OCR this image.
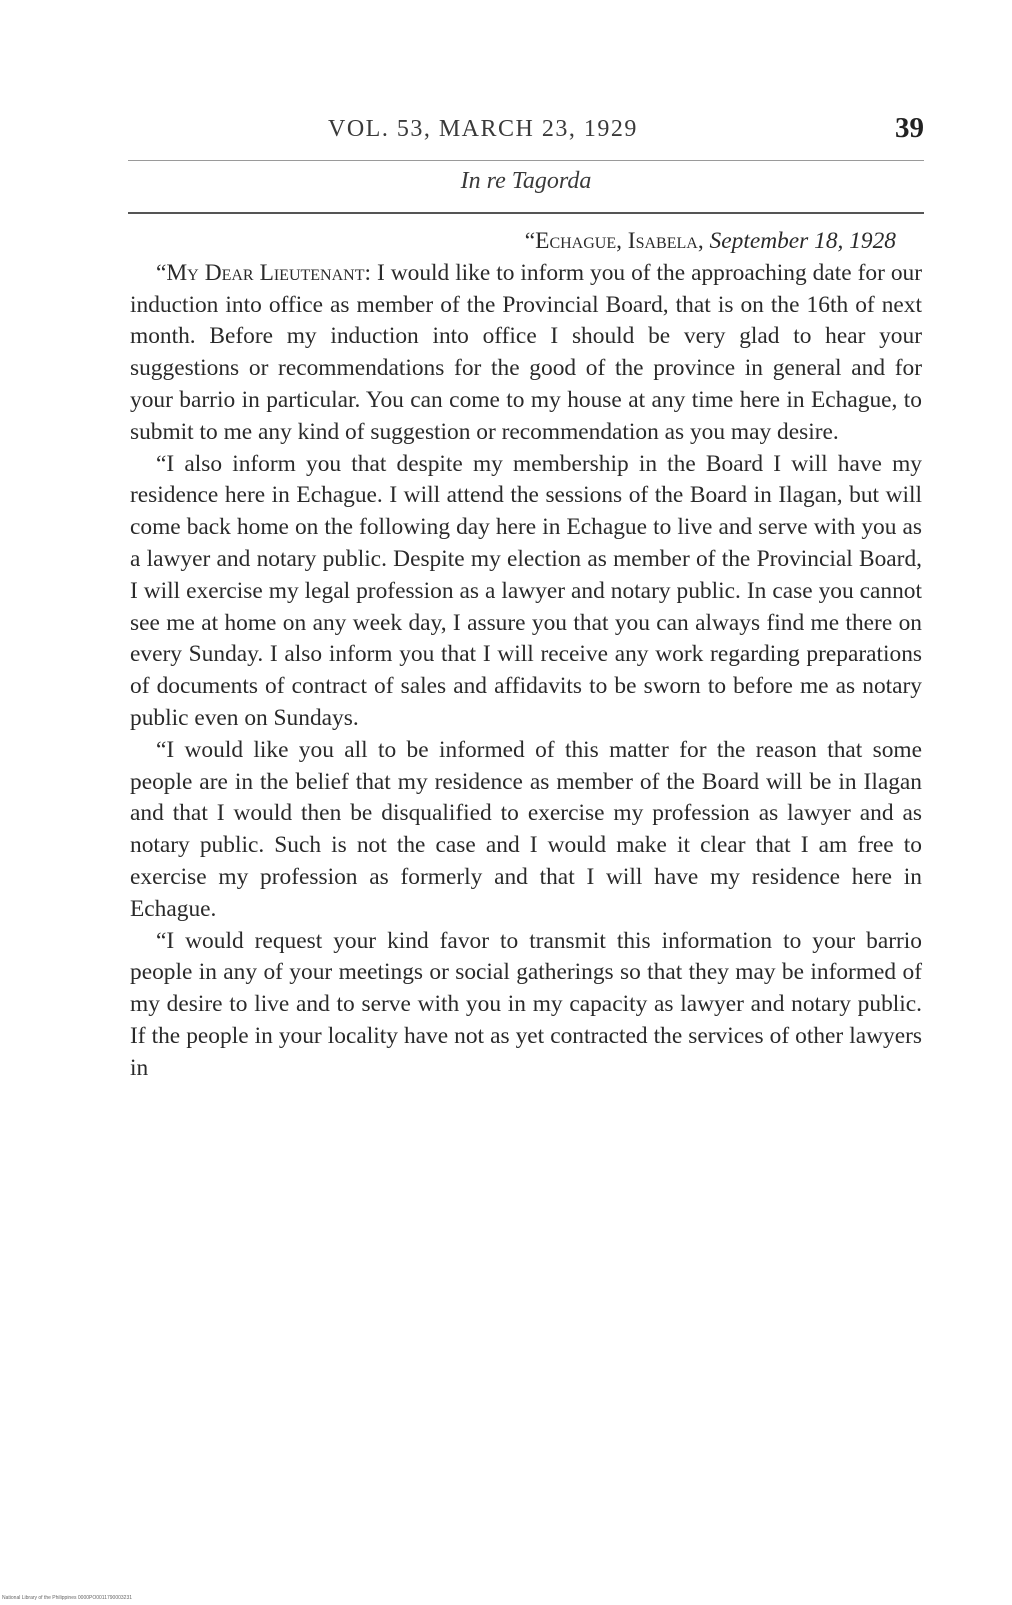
VOL. 53, MARCH 23, 1929	39
In re Tagorda

“Echague, Isabela, September 18, 1928

“My Dear Lieutenant: I would like to inform you of the approaching date for our induction into office as member of the Provincial Board, that is on the 16th of next month. Before my induction into office I should be very glad to hear your suggestions or recommendations for the good of the province in general and for your barrio in particular. You can come to my house at any time here in Echague, to submit to me any kind of suggestion or recommendation as you may desire.

“I also inform you that despite my membership in the Board I will have my residence here in Echague. I will attend the sessions of the Board in Ilagan, but will come back home on the following day here in Echague to live and serve with you as a lawyer and notary public. Despite my election as member of the Provincial Board, I will exercise my legal profession as a lawyer and notary public. In case you cannot see me at home on any week day, I assure you that you can always find me there on every Sunday. I also inform you that I will receive any work regarding preparations of documents of contract of sales and affidavits to be sworn to before me as notary public even on Sundays.

“I would like you all to be informed of this matter for the reason that some people are in the belief that my residence as member of the Board will be in Ilagan and that I would then be disqualified to exercise my profession as lawyer and as notary public. Such is not the case and I would make it clear that I am free to exercise my profession as formerly and that I will have my residence here in Echague.

“I would request your kind favor to transmit this information to your barrio people in any of your meetings or social gatherings so that they may be informed of my desire to live and to serve with you in my capacity as lawyer and notary public. If the people in your locality have not as yet contracted the services of other lawyers in

National Library of the Philippines 0000PO0011790003231
